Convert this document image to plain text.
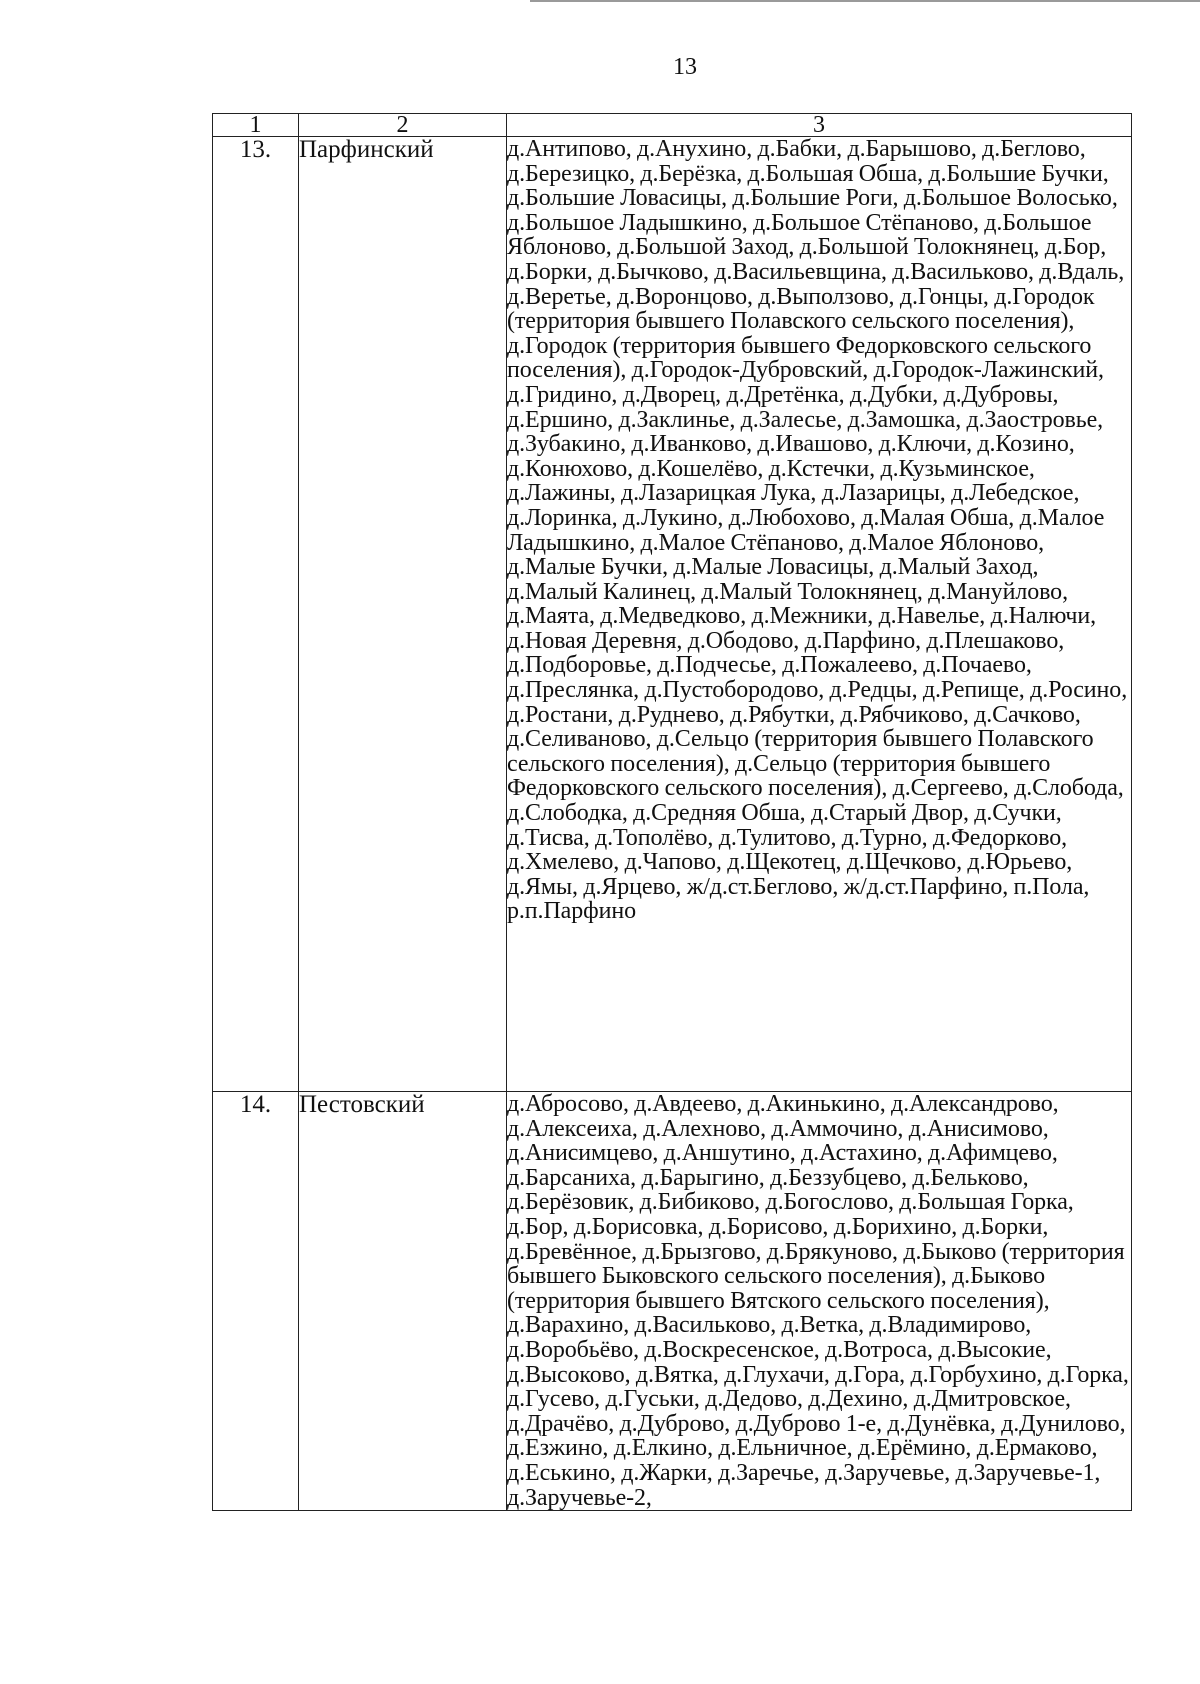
13
1	2	3
13.	Парфинский	д.Антипово, д.Анухино, д.Бабки, д.Барышово, д.Беглово, д.Березицко, д.Берёзка, д.Большая Обша, д.Большие Бучки, д.Большие Ловасицы, д.Большие Роги, д.Большое Волосько, д.Большое Ладышкино, д.Большое Стёпаново, д.Большое Яблоново, д.Большой Заход, д.Большой Толокнянец, д.Бор, д.Борки, д.Бычково, д.Васильевщина, д.Васильково, д.Вдаль, д.Веретье, д.Воронцово, д.Выползово, д.Гонцы, д.Городок (территория бывшего Полавского сельского поселения), д.Городок (территория бывшего Федорковского сельского поселения), д.Городок-Дубровский, д.Городок-Лажинский, д.Гридино, д.Дворец, д.Дретёнка, д.Дубки, д.Дубровы, д.Ершино, д.Заклинье, д.Залесье, д.Замошка, д.Заостровье, д.Зубакино, д.Иванково, д.Ивашово, д.Ключи, д.Козино, д.Конюхово, д.Кошелёво, д.Кстечки, д.Кузьминское, д.Лажины, д.Лазарицкая Лука, д.Лазарицы, д.Лебедское, д.Лоринка, д.Лукино, д.Любохово, д.Малая Обша, д.Малое Ладышкино, д.Малое Стёпаново, д.Малое Яблоново, д.Малые Бучки, д.Малые Ловасицы, д.Малый Заход, д.Малый Калинец, д.Малый Толокнянец, д.Мануйлово, д.Маята, д.Медведково, д.Межники, д.Навелье, д.Налючи, д.Новая Деревня, д.Ободово, д.Парфино, д.Плешаково, д.Подборовье, д.Подчесье, д.Пожалеево, д.Почаево, д.Преслянка, д.Пустобородово, д.Редцы, д.Репище, д.Росино, д.Ростани, д.Руднево, д.Рябутки, д.Рябчиково, д.Сачково, д.Селиваново, д.Сельцо (территория бывшего Полавского сельского поселения), д.Сельцо (территория бывшего Федорковского сельского поселения), д.Сергеево, д.Слобода, д.Слободка, д.Средняя Обша, д.Старый Двор, д.Сучки, д.Тисва, д.Тополёво, д.Тулитово, д.Турно, д.Федорково, д.Хмелево, д.Чапово, д.Щекотец, д.Щечково, д.Юрьево, д.Ямы, д.Ярцево, ж/д.ст.Беглово, ж/д.ст.Парфино, п.Пола, р.п.Парфино
14.	Пестовский	д.Абросово, д.Авдеево, д.Акинькино, д.Александрово, д.Алексеиха, д.Алехново, д.Аммочино, д.Анисимово, д.Анисимцево, д.Аншутино, д.Астахино, д.Афимцево, д.Барсаниха, д.Барыгино, д.Беззубцево, д.Бельково, д.Берёзовик, д.Бибиково, д.Богослово, д.Большая Горка, д.Бор, д.Борисовка, д.Борисово, д.Борихино, д.Борки, д.Бревённое, д.Брызгово, д.Брякуново, д.Быково (территория бывшего Быковского сельского поселения), д.Быково (территория бывшего Вятского сельского поселения), д.Варахино, д.Васильково, д.Ветка, д.Владимирово, д.Воробьёво, д.Воскресенское, д.Вотроса, д.Высокие, д.Высоково, д.Вятка, д.Глухачи, д.Гора, д.Горбухино, д.Горка, д.Гусево, д.Гуськи, д.Дедово, д.Дехино, д.Дмитровское, д.Драчёво, д.Дуброво, д.Дуброво 1-е, д.Дунёвка, д.Дунилово, д.Езжино, д.Елкино, д.Ельничное, д.Ерёмино, д.Ермаково, д.Еськино, д.Жарки, д.Заречье, д.Заручевье, д.Заручевье-1, д.Заручевье-2,
